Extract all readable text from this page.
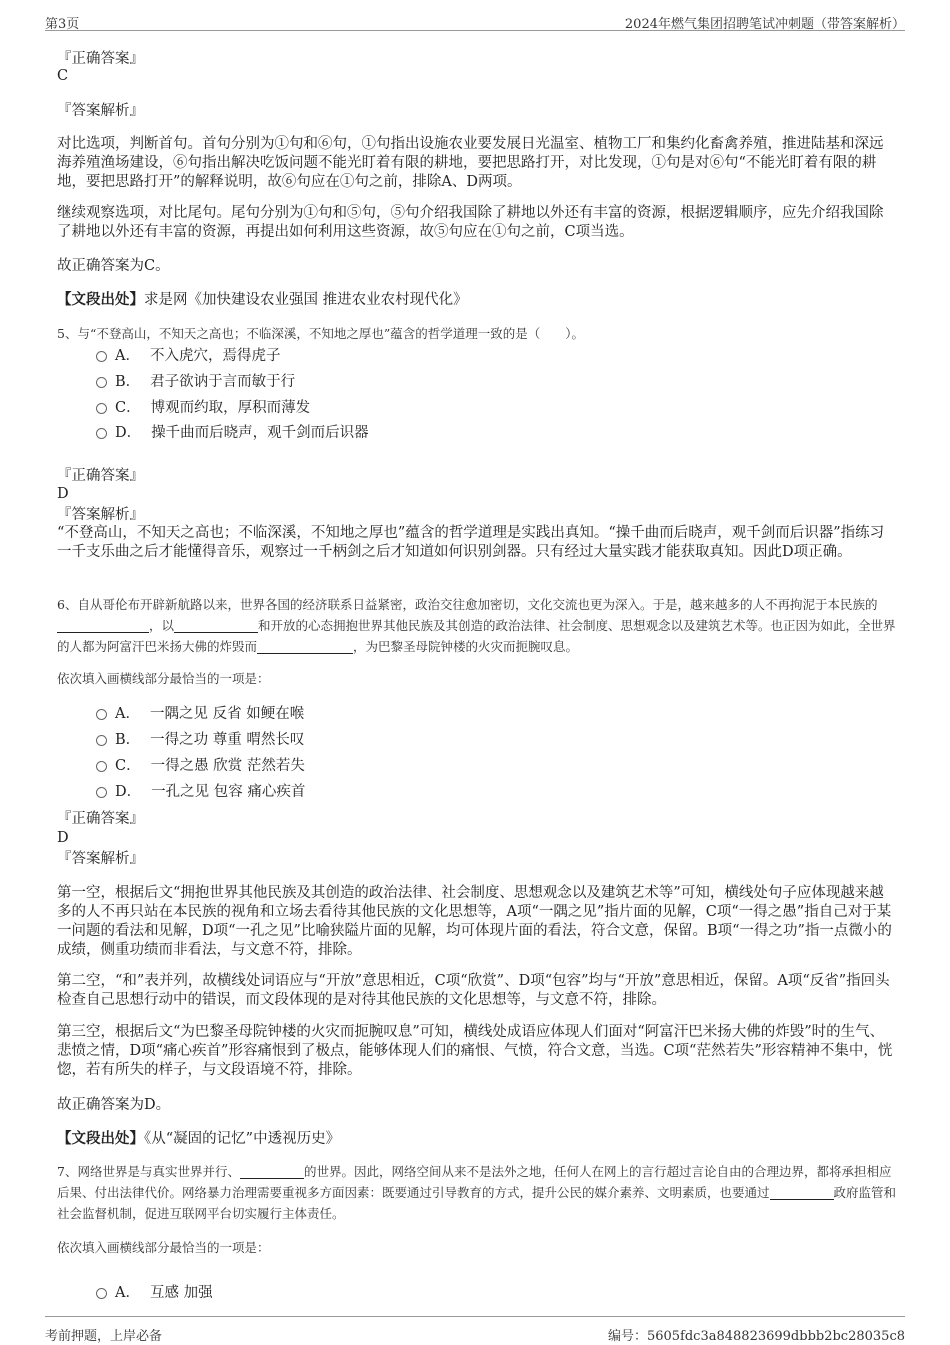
第3页	2024年燃气集团招聘笔试冲刺题（带答案解析）
『正确答案』
C
『答案解析』
对比选项，判断首句。首句分别为①句和⑥句，①句指出设施农业要发展日光温室、植物工厂和集约化畜禽养殖，推进陆基和深远海养殖渔场建设，⑥句指出解决吃饭问题不能光盯着有限的耕地，要把思路打开，对比发现，①句是对⑥句“不能光盯着有限的耕地，要把思路打开”的解释说明，故⑥句应在①句之前，排除A、D两项。
继续观察选项，对比尾句。尾句分别为①句和⑤句，⑤句介绍我国除了耕地以外还有丰富的资源，根据逻辑顺序，应先介绍我国除了耕地以外还有丰富的资源，再提出如何利用这些资源，故⑤句应在①句之前，C项当选。
故正确答案为C。
【文段出处】求是网《加快建设农业强国 推进农业农村现代化》
5、与“不登高山，不知天之高也；不临深溪，不知地之厚也”蕴含的哲学道理一致的是（　　）。
A． 不入虎穴，焉得虎子
B． 君子欲讷于言而敏于行
C． 博观而约取，厚积而薄发
D． 操千曲而后晓声，观千剑而后识器
『正确答案』
D
『答案解析』
“不登高山，不知天之高也；不临深溪，不知地之厚也”蕴含的哲学道理是实践出真知。“操千曲而后晓声，观千剑而后识器”指练习一千支乐曲之后才能懂得音乐，观察过一千柄剑之后才知道如何识别剑器。只有经过大量实践才能获取真知。因此D项正确。
6、自从哥伦布开辟新航路以来，世界各国的经济联系日益紧密，政治交往愈加密切，文化交流也更为深入。于是，越来越多的人不再拘泥于本民族的，以	和开放的心态拥抱世界其他民族及其创造的政治法律、社会制度、思想观念以及建筑艺术等。也正因为如此，全世界的人都为阿富汗巴米扬大佛的炸毁而	，为巴黎圣母院钟楼的火灾而扼腕叹息。
依次填入画横线部分最恰当的一项是：
A． 一隅之见 反省 如鲠在喉
B． 一得之功 尊重 喟然长叹
C． 一得之愚 欣赏 茫然若失
D． 一孔之见 包容 痛心疾首
『正确答案』
D
『答案解析』
第一空，根据后文“拥抱世界其他民族及其创造的政治法律、社会制度、思想观念以及建筑艺术等”可知，横线处句子应体现越来越多的人不再只站在本民族的视角和立场去看待其他民族的文化思想等，A项“一隅之见”指片面的见解，C项“一得之愚”指自己对于某一问题的看法和见解，D项“一孔之见”比喻狭隘片面的见解，均可体现片面的看法，符合文意，保留。B项“一得之功”指一点微小的成绩，侧重功绩而非看法，与文意不符，排除。
第二空，“和”表并列，故横线处词语应与“开放”意思相近，C项“欣赏”、D项“包容”均与“开放”意思相近，保留。A项“反省”指回头检查自己思想行动中的错误，而文段体现的是对待其他民族的文化思想等，与文意不符，排除。
第三空，根据后文“为巴黎圣母院钟楼的火灾而扼腕叹息”可知，横线处成语应体现人们面对“阿富汗巴米扬大佛的炸毁”时的生气、悲愤之情，D项“痛心疾首”形容痛恨到了极点，能够体现人们的痛恨、气愤，符合文意，当选。C项“茫然若失”形容精神不集中，恍惚，若有所失的样子，与文段语境不符，排除。
故正确答案为D。
【文段出处】《从“凝固的记忆”中透视历史》
7、网络世界是与真实世界并行、	的世界。因此，网络空间从来不是法外之地，任何人在网上的言行超过言论自由的合理边界，都将承担相应后果、付出法律代价。网络暴力治理需要重视多方面因素：既要通过引导教育的方式，提升公民的媒介素养、文明素质，也要通过	政府监管和社会监督机制，促进互联网平台切实履行主体责任。
依次填入画横线部分最恰当的一项是：
A． 互感 加强
考前押题，上岸必备	编号：5605fdc3a848823699dbbb2bc28035c8
